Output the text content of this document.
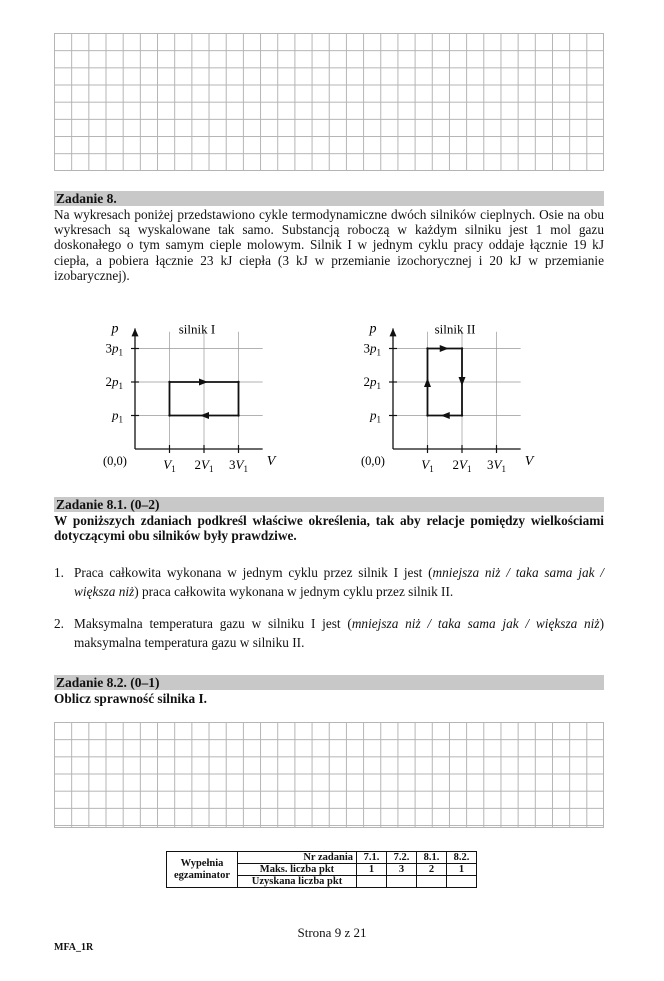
Zadanie 8.
Na wykresach poniżej przedstawiono cykle termodynamiczne dwóch silników cieplnych. Osie na obu wykresach są wyskalowane tak samo. Substancją roboczą w każdym silniku jest 1 mol gazu doskonałego o tym samym cieple molowym. Silnik I w jednym cyklu pracy oddaje łącznie 19 kJ ciepła, a pobiera łącznie 23 kJ ciepła (3 kJ w przemianie izochorycznej i 20 kJ w przemianie izobarycznej).
p
V
silnik I
(0,0)
$p_1$
$2p_1$
$3p_1$
$V_1$ $2V_1$ $3V_1$
p
V
silnik II
(0,0)
$p_1$
$2p_1$
$3p_1$
$V_1$ $2V_1$ $3V_1$
Zadanie 8.1. (0–2)
W poniższych zdaniach podkreśl właściwe określenia, tak aby relacje pomiędzy wielkościami dotyczącymi obu silników były prawdziwe.
1. Praca całkowita wykonana w jednym cyklu przez silnik I jest (mniejsza niż / taka sama jak / większa niż) praca całkowita wykonana w jednym cyklu przez silnik II.
2. Maksymalna temperatura gazu w silniku I jest (mniejsza niż / taka sama jak / większa niż) maksymalna temperatura gazu w silniku II.
Zadanie 8.2. (0–1)
Oblicz sprawność silnika I.
Wypełnia egzaminator	Nr zadania	7.1.	7.2.	8.1.	8.2.
	Maks. liczba pkt	1	3	2	1
	Uzyskana liczba pkt				
Strona 9 z 21
MFA_1R
